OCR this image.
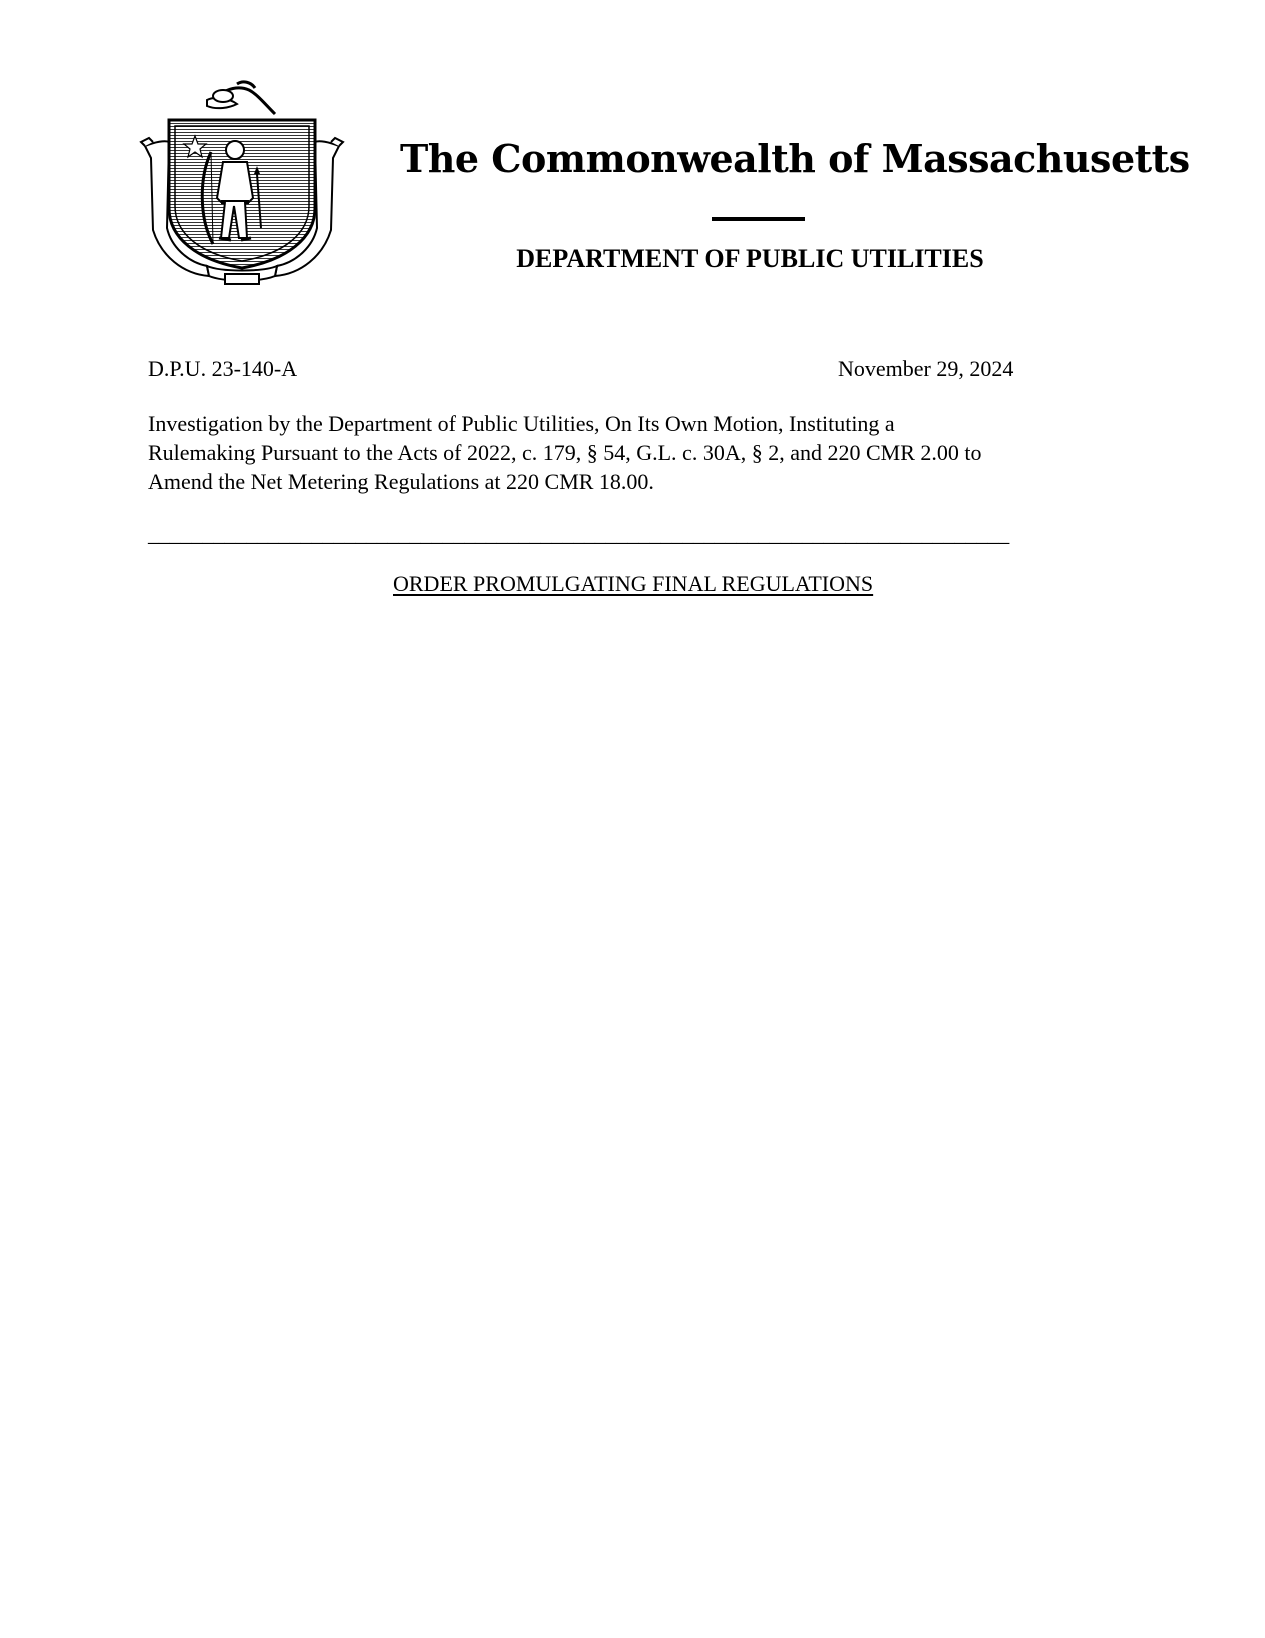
The Commonwealth of Massachusetts
DEPARTMENT OF PUBLIC UTILITIES
D.P.U. 23-140-A	November 29, 2024
Investigation by the Department of Public Utilities, On Its Own Motion, Instituting a
Rulemaking Pursuant to the Acts of 2022, c. 179, § 54, G.L. c. 30A, § 2, and 220 CMR 2.00 to
Amend the Net Metering Regulations at 220 CMR 18.00.
_______________________________________________________________________________
ORDER PROMULGATING FINAL REGULATIONS
